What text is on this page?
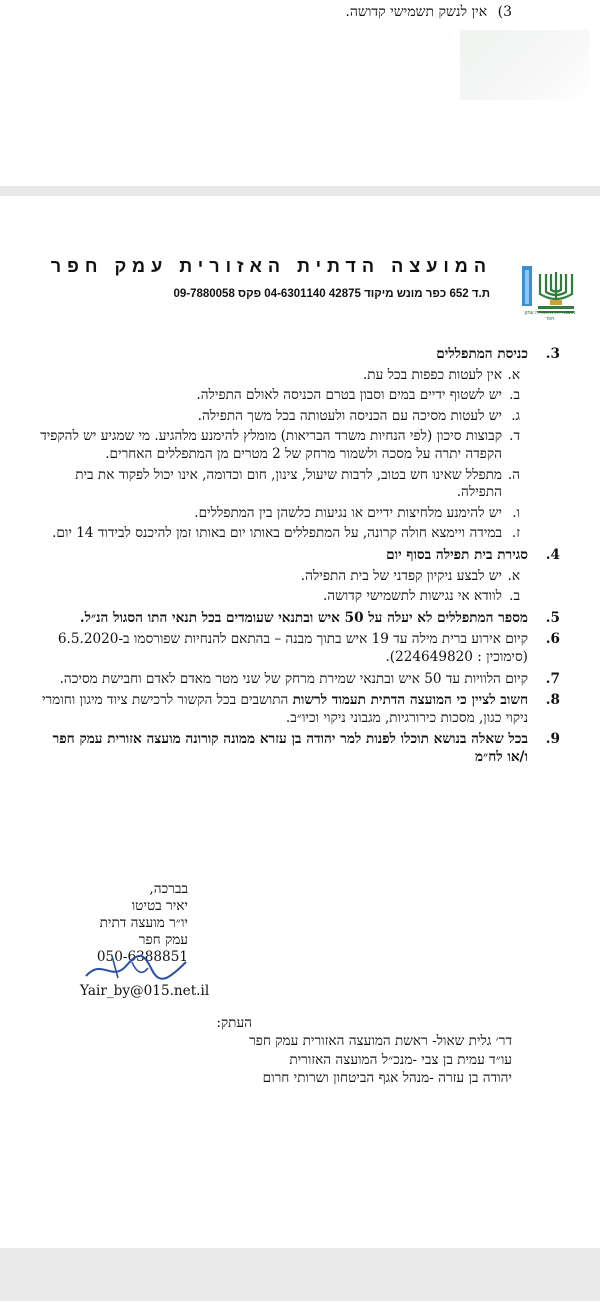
3) אין לנשק תשמישי קדושה.
מועצה דתית אזורית עמק חפר
המועצה הדתית האזורית עמק חפר
ת.ד 652 כפר מונש מיקוד 42875 04-6301140 פקס 09-7880058
3.
כניסת המתפללים
א.
אין לעטות כפפות בכל עת.
ב.
יש לשטוף ידיים במים וסבון בטרם הכניסה לאולם התפילה.
ג.
יש לעטות מסיכה עם הכניסה ולעטותה בכל משך התפילה.
ד.
קבוצות סיכון (לפי הנחיות משרד הבריאות) מומלץ להימנע מלהגיע. מי שמגיע יש להקפיד הקפדה יתרה על מסכה ולשמור מרחק של 2 מטרים מן המתפללים האחרים.
ה.
מתפלל שאינו חש בטוב, לרבות שיעול, צינון, חום וכדומה, אינו יכול לפקוד את בית התפילה.
ו.
יש להימנע מלחיצות ידיים או נגיעות כלשהן בין המתפללים.
ז.
במידה ויימצא חולה קרונה, על המתפללים באותו יום באותו זמן להיכנס לבידוד 14 יום.
4.
סגירת בית תפילה בסוף יום
א.
יש לבצע ניקיון קפדני של בית התפילה.
ב.
לוודא אי נגישות לתשמישי קדושה.
5.
מספר המתפללים לא יעלה על 50 איש ובתנאי שעומדים בכל תנאי התו הסגול הנ״ל.
6.
קיום אירוע ברית מילה עד 19 איש בתוך מבנה – בהתאם להנחיות שפורסמו ב-6.5.2020 (סימוכין : 224649820).
7.
קיום הלוויות עד 50 איש ובתנאי שמירת מרחק של שני מטר מאדם לאדם וחבישת מסיכה.
8.
חשוב לציין כי המועצה הדתית תעמוד לרשות התושבים בכל הקשור לרכישת ציוד מיגון וחומרי ניקוי כגון, מסכות כירורגיות, מגבוני ניקוי וכיו״ב.
9.
בכל שאלה בנושא תוכלו לפנות למר יהודה בן עזרא ממונה קורונה מועצה אזורית עמק חפר ו/או לח״מ
בברכה,
יאיר בטיטו
יו״ר מועצה דתית
עמק חפר
050-6388851
Yair_by@015.net.il
העתק:
דר׳ גלית שאול- ראשת המועצה האזורית עמק חפר
עו״ד עמית בן צבי -מנכ״ל המועצה האזורית
יהודה בן עזרה -מנהל אגף הביטחון ושרותי חרום
